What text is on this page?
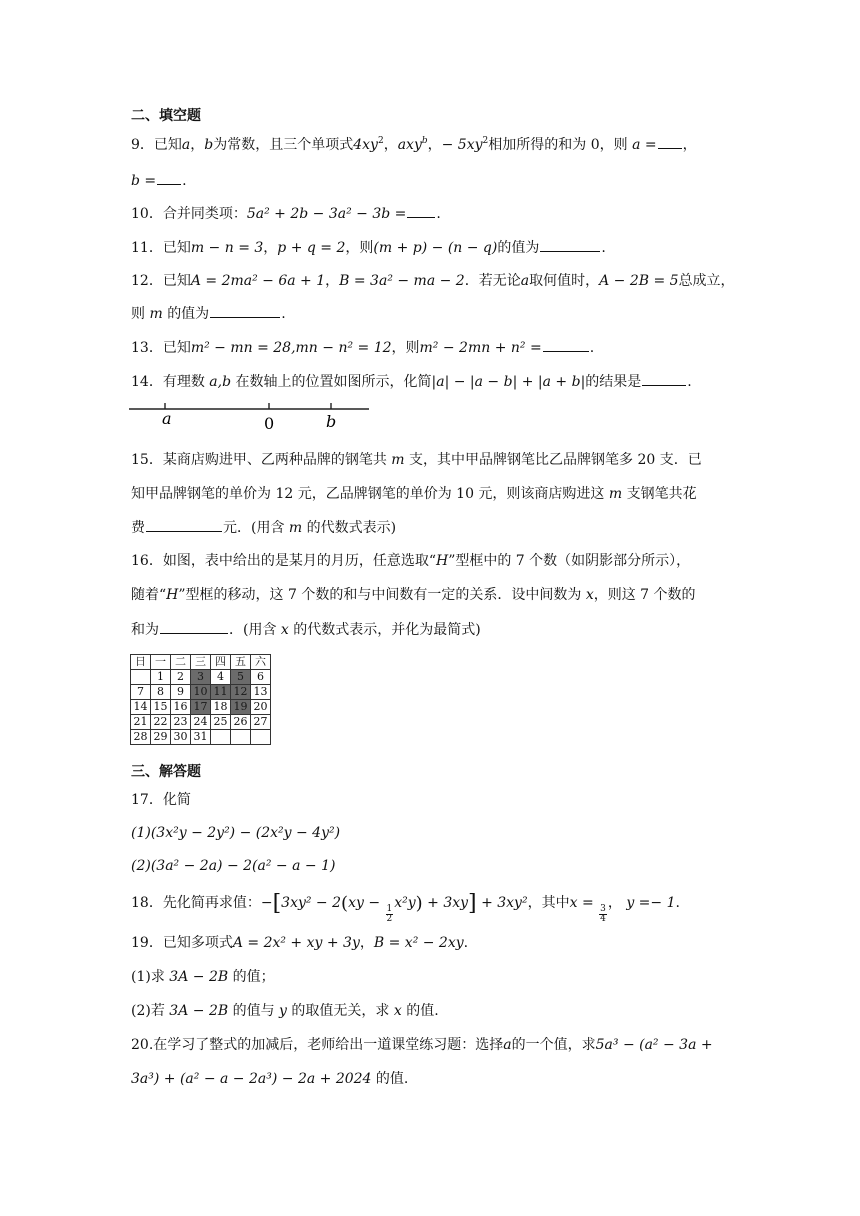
二、填空题
9．已知a，b为常数，且三个单项式$4xy^2$，axy$^b$，− $5xy^2$相加所得的和为 0，则 a = ，
b = .
10．合并同类项：5a² + 2b − 3a² − 3b = .
11．已知m − n = 3，p + q = 2，则(m + p) − (n − q)的值为	.
12．已知A = 2ma² − 6a + 1，B = 3a² − ma − 2．若无论a取何值时，A − 2B = 5总成立，
则 m 的值为	.
13．已知m² − mn = 28,mn − n² = 12，则m² − 2mn + n² =	.
14．有理数 a,b 在数轴上的位置如图所示，化简|a| − |a − b| + |a + b|的结果是	.
a	0	b
15．某商店购进甲、乙两种品牌的钢笔共 m 支，其中甲品牌钢笔比乙品牌钢笔多 20 支．已
知甲品牌钢笔的单价为 12 元，乙品牌钢笔的单价为 10 元，则该商店购进这 m 支钢笔共花
费	元．(用含 m 的代数式表示)
16．如图，表中给出的是某月的月历，任意选取“H”型框中的 7 个数（如阴影部分所示），
随着“H”型框的移动，这 7 个数的和与中间数有一定的关系．设中间数为 x，则这 7 个数的
和为	．(用含 x 的代数式表示，并化为最简式)
日	一	二	三	四	五	六
	1	2	3	4	5	6
7	8	9	10	11	12	13
14	15	16	17	18	19	20
21	22	23	24	25	26	27
28	29	30	31			
三、解答题
17．化简
(1)(3x²y − 2y²) − (2x²y − 4y²)
(2)(3a² − 2a) − 2(a² − a − 1)
18．先化简再求值：−[3xy² − 2(xy −
$\frac{1}{2}$
x²y) + 3xy] + 3xy²，其中x =
$\frac{3}{4}$
， y =− 1.
19．已知多项式A = 2x² + xy + 3y，B = x² − 2xy.
(1)求 3A − 2B 的值；
(2)若 3A − 2B 的值与 y 的取值无关，求 x 的值.
20.在学习了整式的加减后，老师给出一道课堂练习题：选择a的一个值，求5a³ − (a² − 3a +
3a³) + (a² − a − 2a³) − 2a + 2024 的值.
